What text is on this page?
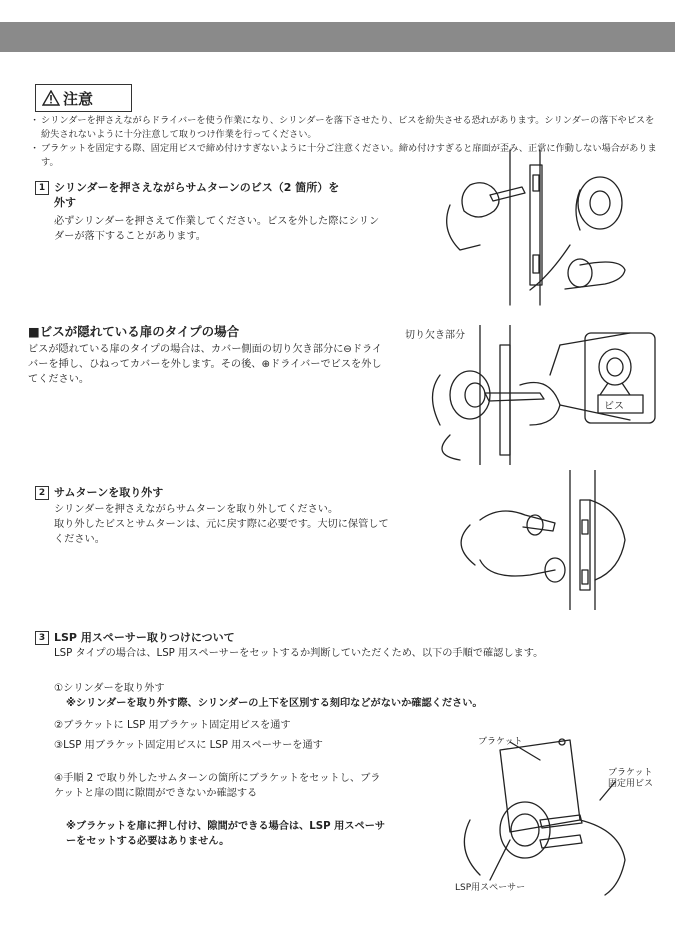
注意
・ シリンダーを押さえながらドライバーを使う作業になり、シリンダーを落下させたり、ビスを紛失させる恐れがあります。シリンダーの落下やビスを紛失されないように十分注意して取りつけ作業を行ってください。
・ ブラケットを固定する際、固定用ビスで締め付けすぎないように十分ご注意ください。締め付けすぎると扉面が歪み、正常に作動しない場合があります。
1 シリンダーを押さえながらサムターンのビス（2 箇所）を
外す
必ずシリンダーを押さえて作業してください。ビスを外した際にシリンダーが落下することがあります。
■ビスが隠れている扉のタイプの場合
ビスが隠れている扉のタイプの場合は、カバー側面の切り欠き部分に⊖ドライバーを挿し、ひねってカバーを外します。その後、⊕ドライバーでビスを外してください。
切り欠き部分
ビス
2 サムターンを取り外す
シリンダーを押さえながらサムターンを取り外してください。
取り外したビスとサムターンは、元に戻す際に必要です。大切に保管してください。
3 LSP 用スペーサー取りつけについて
LSP タイプの場合は、LSP 用スペーサーをセットするか判断していただくため、以下の手順で確認します。
①シリンダーを取り外す
※シリンダーを取り外す際、シリンダーの上下を区別する刻印などがないか確認ください。
②ブラケットに LSP 用ブラケット固定用ビスを通す
③LSP 用ブラケット固定用ビスに LSP 用スペーサーを通す
④手順 2 で取り外したサムターンの箇所にブラケットをセットし、ブラケットと扉の間に隙間ができないか確認する
※ブラケットを扉に押し付け、隙間ができる場合は、LSP 用スペーサーをセットする必要はありません。
ブラケット
ブラケット
固定用ビス
LSP用スペーサー
